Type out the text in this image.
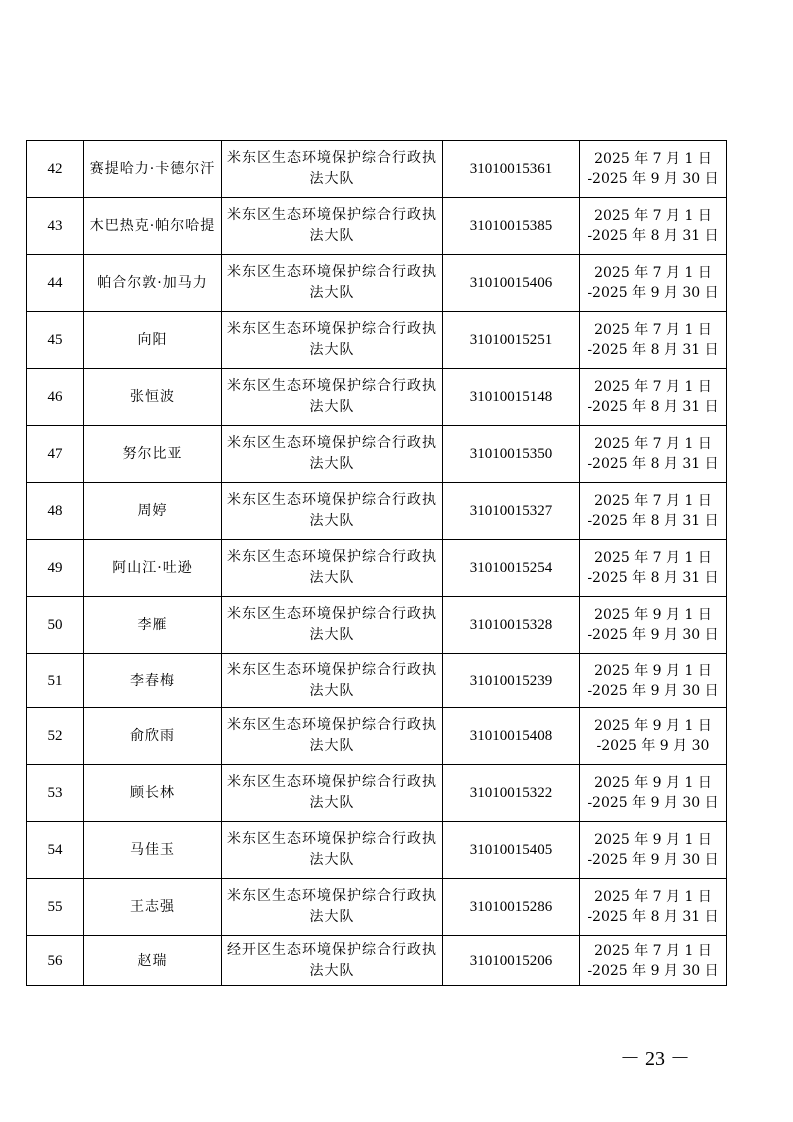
42	赛提哈力·卡德尔汗	米东区生态环境保护综合行政执法大队	31010015361	2025 年 7 月 1 日
-2025 年 9 月 30 日

43	木巴热克·帕尔哈提	米东区生态环境保护综合行政执法大队	31010015385	2025 年 7 月 1 日
-2025 年 8 月 31 日

44	帕合尔敦·加马力	米东区生态环境保护综合行政执法大队	31010015406	2025 年 7 月 1 日
-2025 年 9 月 30 日

45	向阳	米东区生态环境保护综合行政执法大队	31010015251	2025 年 7 月 1 日
-2025 年 8 月 31 日

46	张恒波	米东区生态环境保护综合行政执法大队	31010015148	2025 年 7 月 1 日
-2025 年 8 月 31 日

47	努尔比亚	米东区生态环境保护综合行政执法大队	31010015350	2025 年 7 月 1 日
-2025 年 8 月 31 日

48	周婷	米东区生态环境保护综合行政执法大队	31010015327	2025 年 7 月 1 日
-2025 年 8 月 31 日

49	阿山江·吐逊	米东区生态环境保护综合行政执法大队	31010015254	2025 年 7 月 1 日
-2025 年 8 月 31 日

50	李雁	米东区生态环境保护综合行政执法大队	31010015328	2025 年 9 月 1 日
-2025 年 9 月 30 日

51	李春梅	米东区生态环境保护综合行政执法大队	31010015239	2025 年 9 月 1 日
-2025 年 9 月 30 日

52	俞欣雨	米东区生态环境保护综合行政执法大队	31010015408	2025 年 9 月 1 日
-2025 年 9 月 30

53	顾长林	米东区生态环境保护综合行政执法大队	31010015322	2025 年 9 月 1 日
-2025 年 9 月 30 日

54	马佳玉	米东区生态环境保护综合行政执法大队	31010015405	2025 年 9 月 1 日
-2025 年 9 月 30 日

55	王志强	米东区生态环境保护综合行政执法大队	31010015286	2025 年 7 月 1 日
-2025 年 8 月 31 日

56	赵瑞	经开区生态环境保护综合行政执法大队	31010015206	2025 年 7 月 1 日
-2025 年 9 月 30 日
－ 23 －
